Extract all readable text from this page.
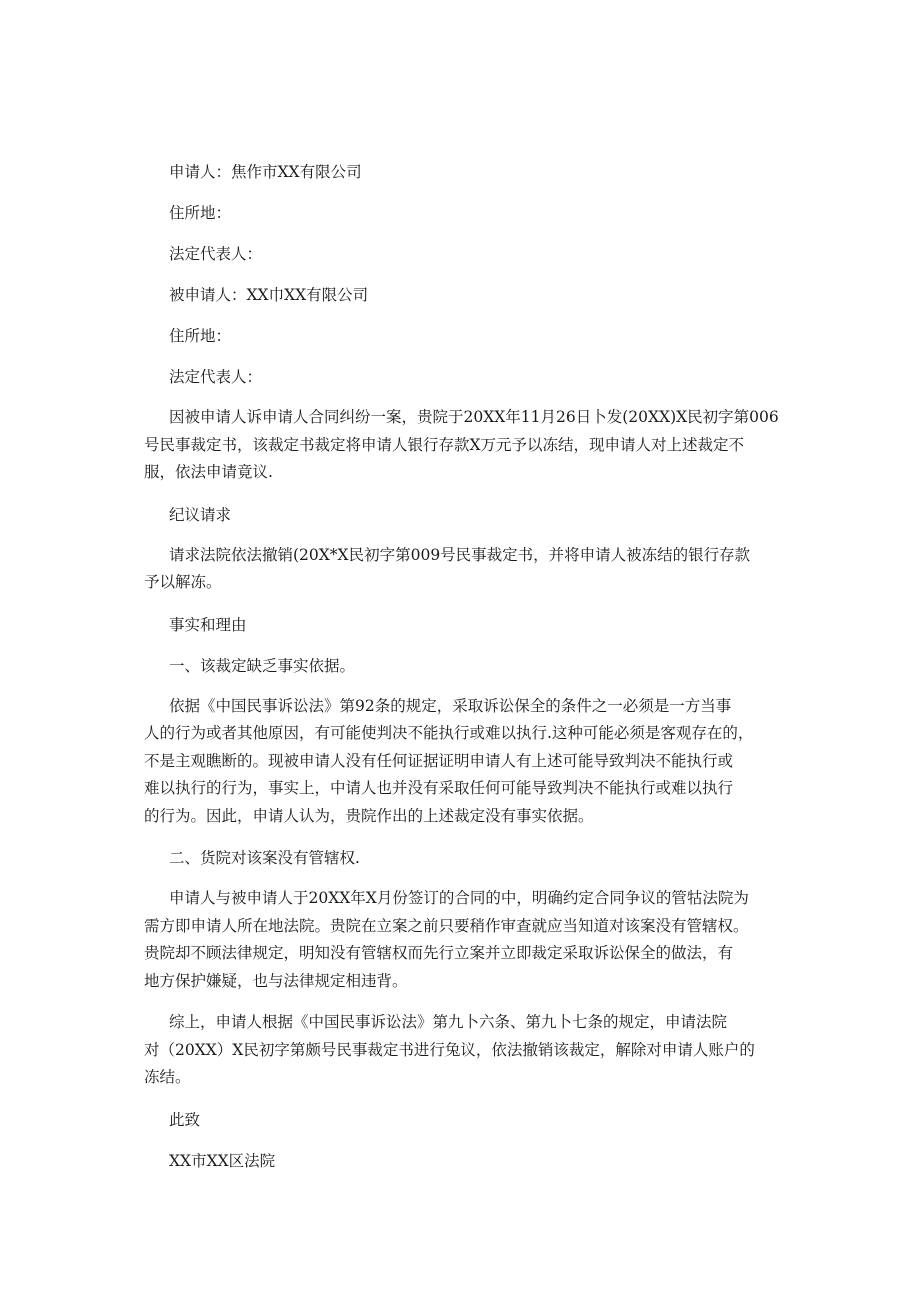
申请人：焦作市XX有限公司

住所地：

法定代表人：

被申请人：XX巾XX有限公司

住所地：

法定代表人：

因被申请人诉申请人合同纠纷一案，贵院于20XX年11月26日卜发(20XX)X民初字第006
号民事裁定书，该裁定书裁定将申请人银行存款X万元予以冻结，现申请人对上述裁定不
服，依法申请竟议.

纪议请求

请求法院依法撤销(20X*X民初字第009号民事裁定书，并将申请人被冻结的银行存款
予以解冻。

事实和理由

一、该裁定缺乏事实依据。

依据《中国民事诉讼法》第92条的规定，采取诉讼保全的条件之一必须是一方当事
人的行为或者其他原因，有可能使判决不能执行或难以执行.这种可能必须是客观存在的，
不是主观瞧断的。现被申请人没有任何证据证明申请人有上述可能导致判决不能执行或
难以执行的行为，事实上，中请人也并没有采取任何可能导致判决不能执行或难以执行
的行为。因此，申请人认为，贵院作出的上述裁定没有事实依据。

二、货院对该案没有管辖权.

申请人与被申请人于20XX年X月份签订的合同的中，明确约定合同争议的管牯法院为
需方即申请人所在地法院。贵院在立案之前只要稍作审查就应当知道对该案没有管辖权。
贵院却不顾法律规定，明知没有管辖权而先行立案并立即裁定采取诉讼保全的做法，有
地方保护嫌疑，也与法律规定相违背。
综上，申请人根据《中国民事诉讼法》第九卜六条、第九卜七条的规定，申请法院
对（20XX）X民初字第颇号民事裁定书进行兔议，依法撤销该裁定，解除对申请人账户的
冻结。

此致

XX市XX区法院
